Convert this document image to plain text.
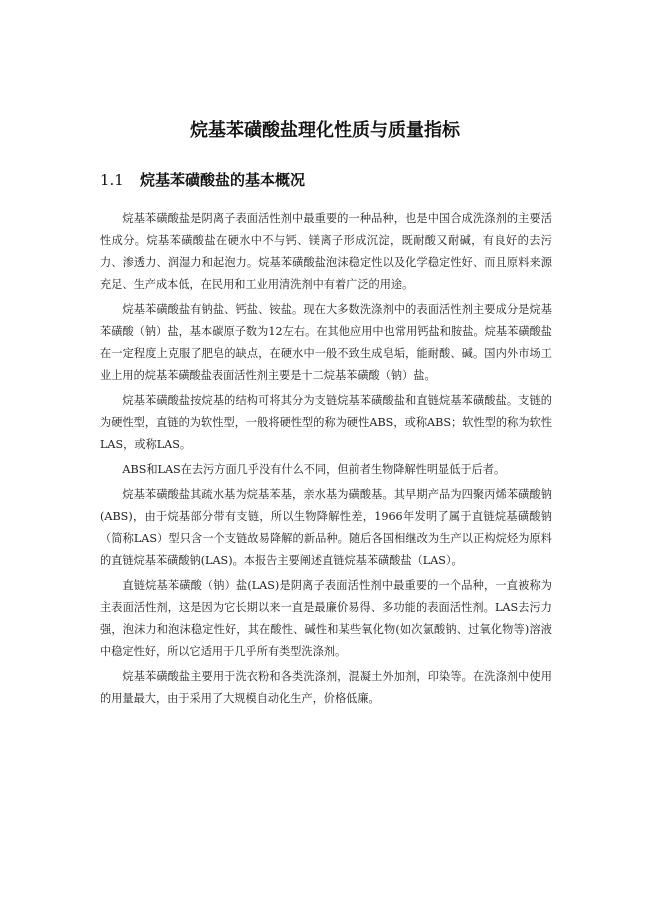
烷基苯磺酸盐理化性质与质量指标
1.1 烷基苯磺酸盐的基本概况

烷基苯磺酸盐是阴离子表面活性剂中最重要的一种品种，也是中国合成洗涤剂的主要活性成分。烷基苯磺酸盐在硬水中不与钙、镁离子形成沉淀，既耐酸又耐碱，有良好的去污力、渗透力、润湿力和起泡力。烷基苯磺酸盐泡沫稳定性以及化学稳定性好、而且原料来源充足、生产成本低，在民用和工业用清洗剂中有着广泛的用途。

烷基苯磺酸盐有钠盐、钙盐、铵盐。现在大多数洗涤剂中的表面活性剂主要成分是烷基苯磺酸（钠）盐，基本碳原子数为12左右。在其他应用中也常用钙盐和胺盐。烷基苯磺酸盐在一定程度上克服了肥皂的缺点，在硬水中一般不致生成皂垢，能耐酸、碱。国内外市场工业上用的烷基苯磺酸盐表面活性剂主要是十二烷基苯磺酸（钠）盐。

烷基苯磺酸盐按烷基的结构可将其分为支链烷基苯磺酸盐和直链烷基苯磺酸盐。支链的为硬性型，直链的为软性型，一般将硬性型的称为硬性ABS，或称ABS；软性型的称为软性LAS，或称LAS。

ABS和LAS在去污方面几乎没有什么不同，但前者生物降解性明显低于后者。

烷基苯磺酸盐其疏水基为烷基苯基，亲水基为磺酸基。其早期产品为四聚丙烯苯磺酸钠(ABS)，由于烷基部分带有支链，所以生物降解性差，1966年发明了属于直链烷基磺酸钠（简称LAS）型只含一个支链故易降解的新品种。随后各国相继改为生产以正构烷烃为原料的直链烷基苯磺酸钠(LAS)。本报告主要阐述直链烷基苯磺酸盐（LAS）。

直链烷基苯磺酸（钠）盐(LAS)是阴离子表面活性剂中最重要的一个品种，一直被称为主表面活性剂，这是因为它长期以来一直是最廉价易得、多功能的表面活性剂。LAS去污力强，泡沫力和泡沫稳定性好，其在酸性、碱性和某些氧化物(如次氯酸钠、过氧化物等)溶液中稳定性好，所以它适用于几乎所有类型洗涤剂。

烷基苯磺酸盐主要用于洗衣粉和各类洗涤剂，混凝土外加剂，印染等。在洗涤剂中使用的用量最大，由于采用了大规模自动化生产，价格低廉。
